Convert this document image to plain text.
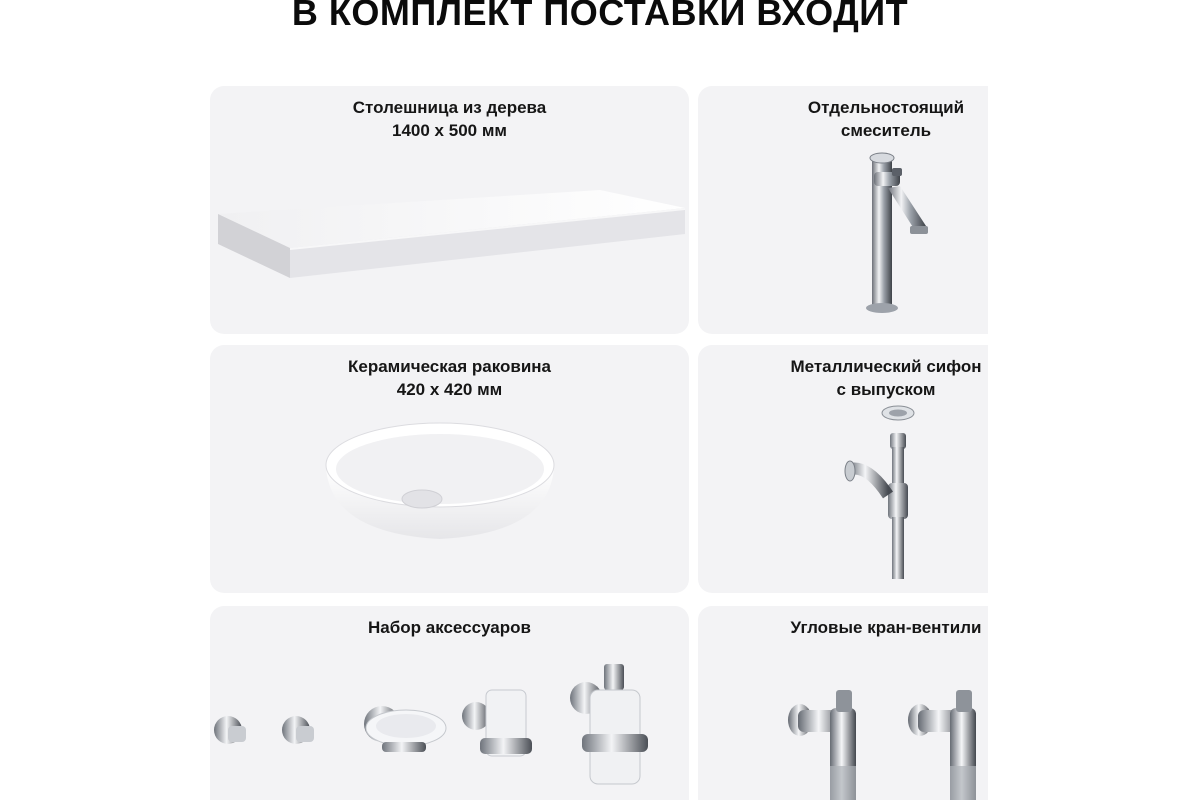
В КОМПЛЕКТ ПОСТАВКИ ВХОДИТ
Столешница из дерева
1400 х 500 мм
Отдельностоящий
смеситель
Керамическая раковина
420 х 420 мм
Металлический сифон
с выпуском
Набор аксессуаров	Угловые кран-вентили
